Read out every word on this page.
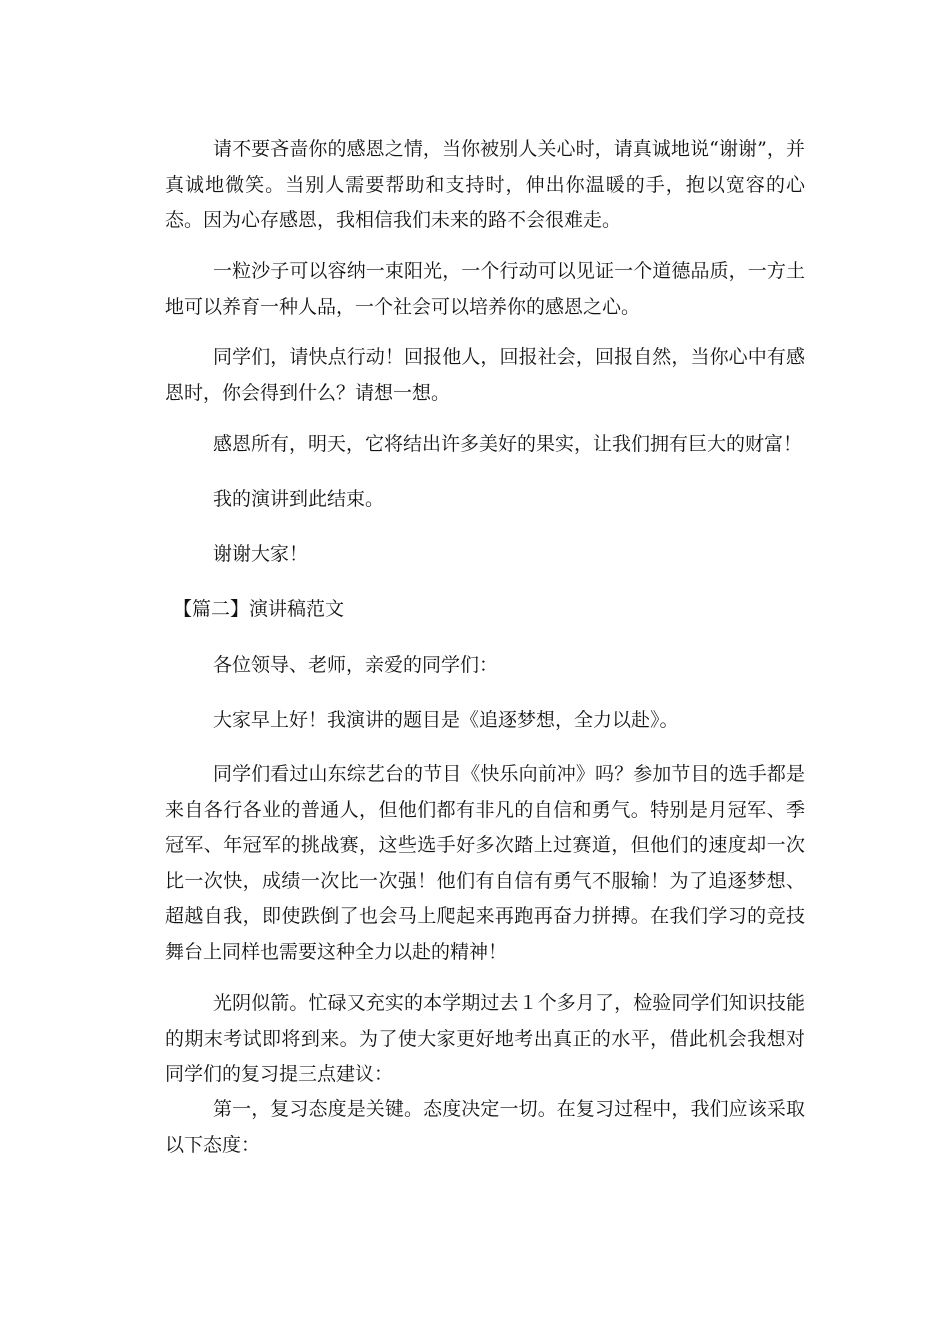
请不要吝啬你的感恩之情，当你被别人关心时，请真诚地说“谢谢”，并真诚地微笑。当别人需要帮助和支持时，伸出你温暖的手，抱以宽容的心态。因为心存感恩，我相信我们未来的路不会很难走。

一粒沙子可以容纳一束阳光，一个行动可以见证一个道德品质，一方土地可以养育一种人品，一个社会可以培养你的感恩之心。

同学们，请快点行动！回报他人，回报社会，回报自然，当你心中有感恩时，你会得到什么？请想一想。

感恩所有，明天，它将结出许多美好的果实，让我们拥有巨大的财富！

我的演讲到此结束。

谢谢大家！

【篇二】演讲稿范文

各位领导、老师，亲爱的同学们：

大家早上好！我演讲的题目是《追逐梦想，全力以赴》。

同学们看过山东综艺台的节目《快乐向前冲》吗？参加节目的选手都是来自各行各业的普通人，但他们都有非凡的自信和勇气。特别是月冠军、季冠军、年冠军的挑战赛，这些选手好多次踏上过赛道，但他们的速度却一次比一次快，成绩一次比一次强！他们有自信有勇气不服输！为了追逐梦想、超越自我，即使跌倒了也会马上爬起来再跑再奋力拼搏。在我们学习的竞技舞台上同样也需要这种全力以赴的精神！

光阴似箭。忙碌又充实的本学期过去１个多月了，检验同学们知识技能的期末考试即将到来。为了使大家更好地考出真正的水平，借此机会我想对同学们的复习提三点建议：

第一，复习态度是关键。态度决定一切。在复习过程中，我们应该采取以下态度：
